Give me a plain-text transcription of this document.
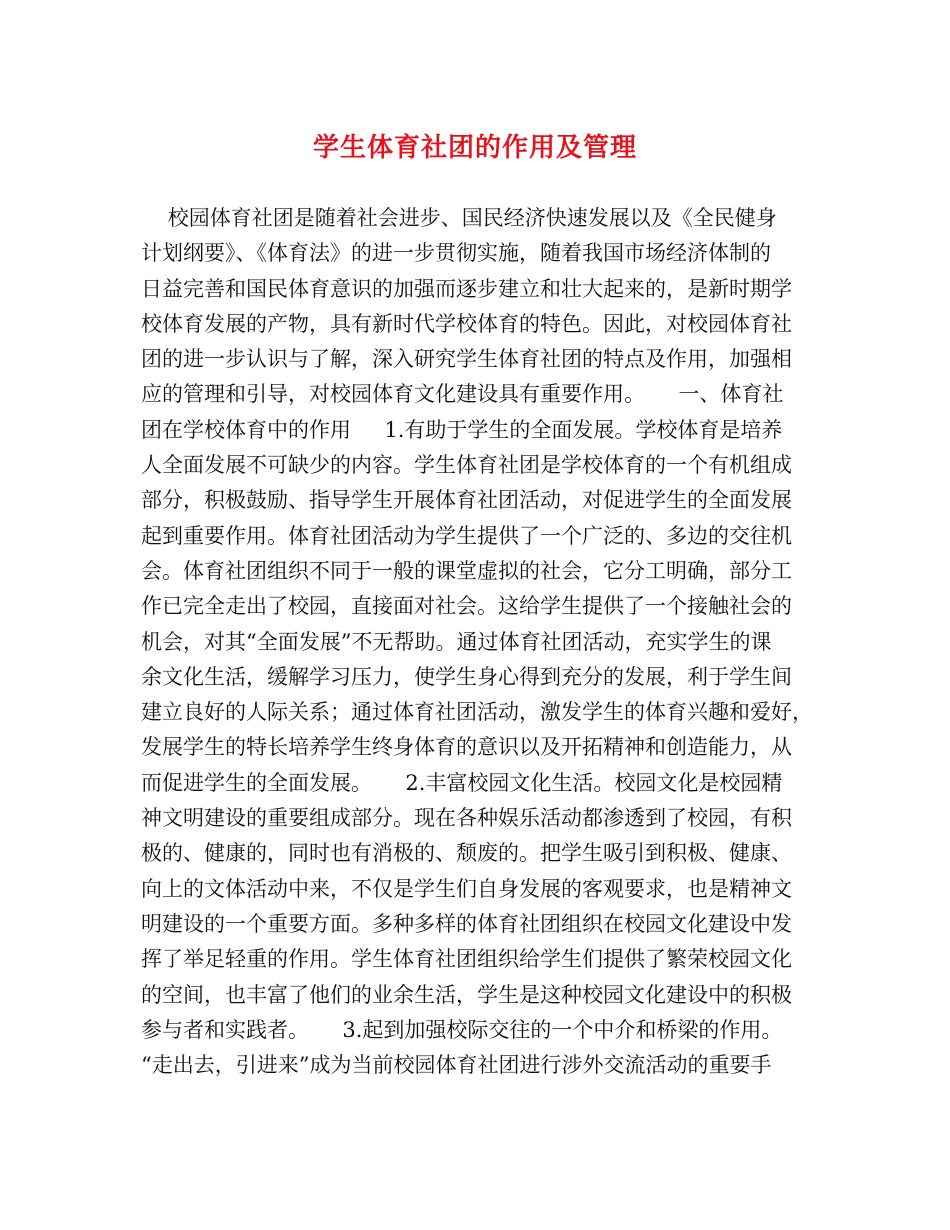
学生体育社团的作用及管理
校园体育社团是随着社会进步、国民经济快速发展以及《全民健身
计划纲要》、《体育法》的进一步贯彻实施，随着我国市场经济体制的
日益完善和国民体育意识的加强而逐步建立和壮大起来的，是新时期学
校体育发展的产物，具有新时代学校体育的特色。因此，对校园体育社
团的进一步认识与了解，深入研究学生体育社团的特点及作用，加强相
应的管理和引导，对校园体育文化建设具有重要作用。     一、体育社
团在学校体育中的作用     1.有助于学生的全面发展。学校体育是培养
人全面发展不可缺少的内容。学生体育社团是学校体育的一个有机组成
部分，积极鼓励、指导学生开展体育社团活动，对促进学生的全面发展
起到重要作用。体育社团活动为学生提供了一个广泛的、多边的交往机
会。体育社团组织不同于一般的课堂虚拟的社会，它分工明确，部分工
作已完全走出了校园，直接面对社会。这给学生提供了一个接触社会的
机会，对其“全面发展”不无帮助。通过体育社团活动，充实学生的课
余文化生活，缓解学习压力，使学生身心得到充分的发展，利于学生间
建立良好的人际关系；通过体育社团活动，激发学生的体育兴趣和爱好，
发展学生的特长培养学生终身体育的意识以及开拓精神和创造能力，从
而促进学生的全面发展。     2.丰富校园文化生活。校园文化是校园精
神文明建设的重要组成部分。现在各种娱乐活动都渗透到了校园，有积
极的、健康的，同时也有消极的、颓废的。把学生吸引到积极、健康、
向上的文体活动中来，不仅是学生们自身发展的客观要求，也是精神文
明建设的一个重要方面。多种多样的体育社团组织在校园文化建设中发
挥了举足轻重的作用。学生体育社团组织给学生们提供了繁荣校园文化
的空间，也丰富了他们的业余生活，学生是这种校园文化建设中的积极
参与者和实践者。     3.起到加强校际交往的一个中介和桥梁的作用。
“走出去，引进来”成为当前校园体育社团进行涉外交流活动的重要手
